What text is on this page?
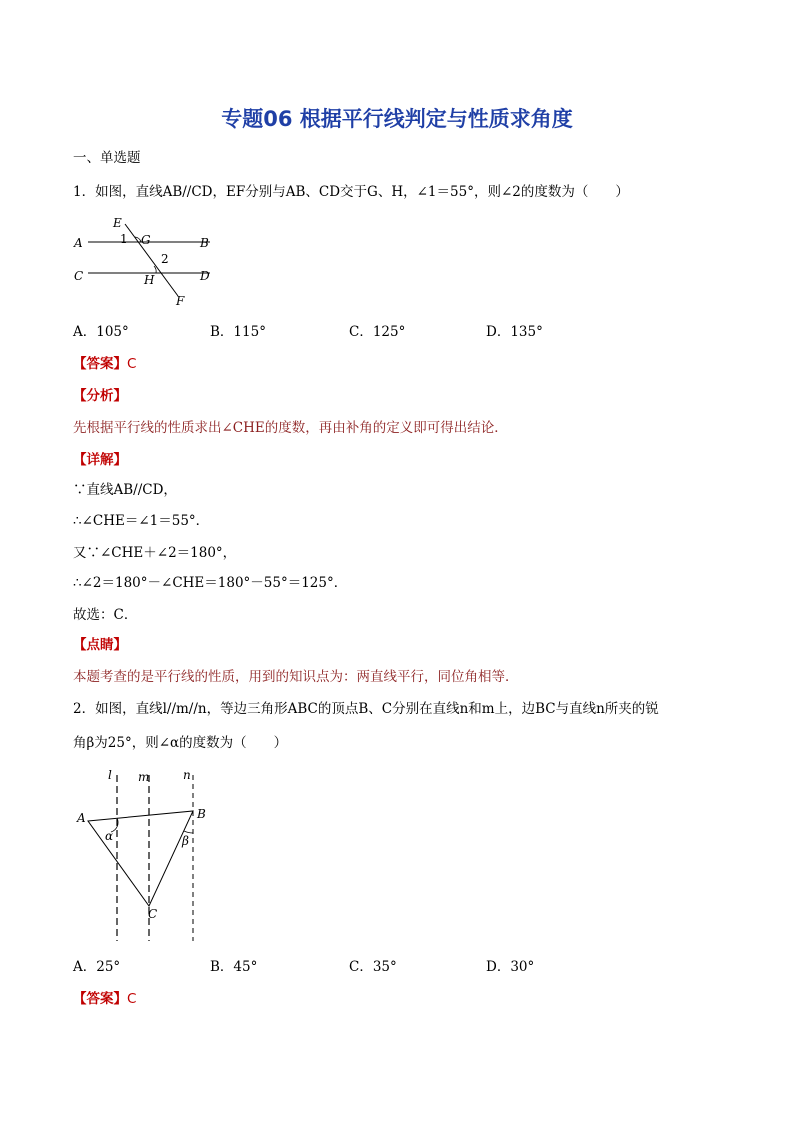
专题06 根据平行线判定与性质求角度
一、单选题
1．如图，直线AB//CD，EF分别与AB、CD交于G、H，∠1＝55°，则∠2的度数为（　　）
E
A	B
C	D
F
G
H
1
2
A．105°	B．115°	C．125°	D．135°
【答案】C
【分析】
先根据平行线的性质求出∠CHE的度数，再由补角的定义即可得出结论．
【详解】
∵直线AB//CD，
∴∠CHE＝∠1＝55°．
又∵∠CHE＋∠2＝180°，
∴∠2＝180°－∠CHE＝180°－55°＝125°．
故选：C．
【点睛】
本题考查的是平行线的性质，用到的知识点为：两直线平行，同位角相等．
2．如图，直线l//m//n，等边三角形ABC的顶点B、C分别在直线n和m上，边BC与直线n所夹的锐
角β为25°，则∠α的度数为（　　）
l m	n
A	B
C
α	β
A．25°	B．45°	C．35°	D．30°
【答案】C
